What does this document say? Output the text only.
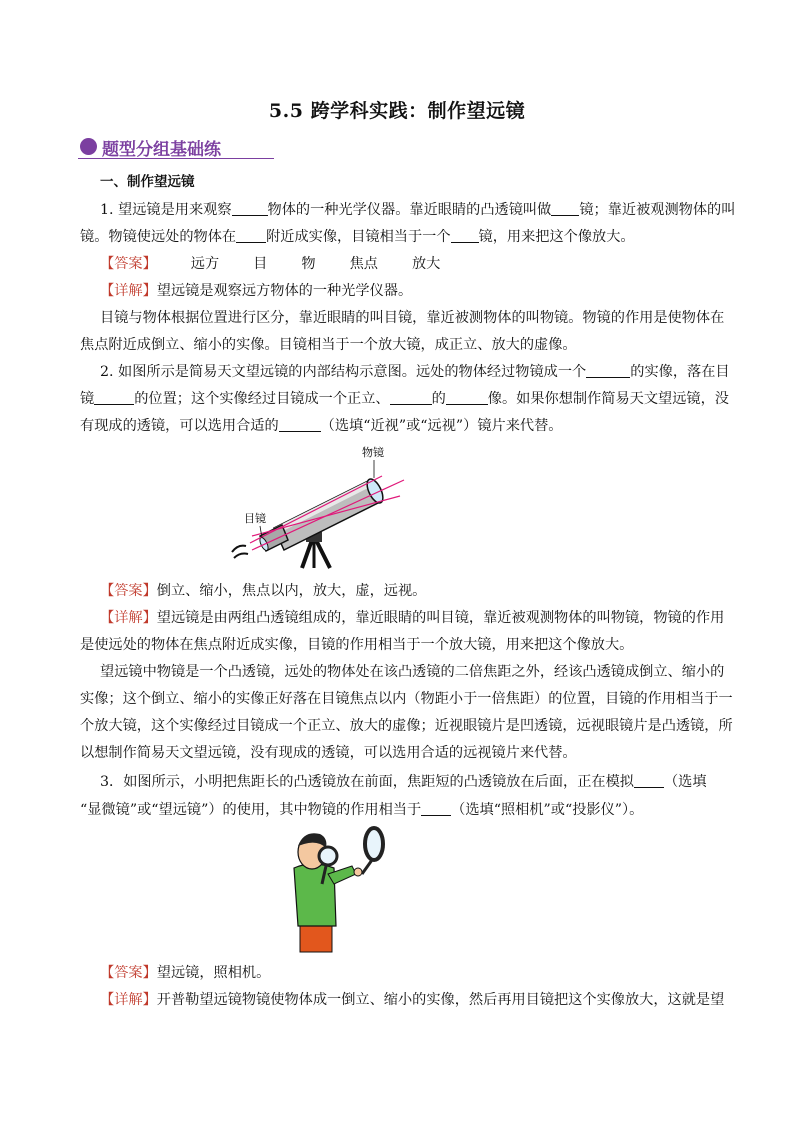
5.5 跨学科实践：制作望远镜
题型分组基础练
一、制作望远镜
1. 望远镜是用来观察	物体的一种光学仪器。靠近眼睛的凸透镜叫做 镜；靠近被观测物体的叫
镜。物镜使远处的物体在 附近成实像，目镜相当于一个 镜，用来把这个像放大。
【答案】 远方 目 物 焦点 放大
【详解】望远镜是观察远方物体的一种光学仪器。
目镜与物体根据位置进行区分，靠近眼睛的叫目镜，靠近被测物体的叫物镜。物镜的作用是使物体在
焦点附近成倒立、缩小的实像。目镜相当于一个放大镜，成正立、放大的虚像。
2. 如图所示是简易天文望远镜的内部结构示意图。远处的物体经过物镜成一个	的实像，落在目
镜	的位置；这个实像经过目镜成一个正立、	的	像。如果你想制作简易天文望远镜，没
有现成的透镜，可以选用合适的	（选填“近视”或“远视”）镜片来代替。
物镜
目镜
【答案】倒立、缩小，焦点以内，放大，虚，远视。
【详解】望远镜是由两组凸透镜组成的，靠近眼睛的叫目镜，靠近被观测物体的叫物镜，物镜的作用
是使远处的物体在焦点附近成实像，目镜的作用相当于一个放大镜，用来把这个像放大。
望远镜中物镜是一个凸透镜，远处的物体处在该凸透镜的二倍焦距之外，经该凸透镜成倒立、缩小的
实像；这个倒立、缩小的实像正好落在目镜焦点以内（物距小于一倍焦距）的位置，目镜的作用相当于一
个放大镜，这个实像经过目镜成一个正立、放大的虚像；近视眼镜片是凹透镜，远视眼镜片是凸透镜，所
以想制作简易天文望远镜，没有现成的透镜，可以选用合适的远视镜片来代替。
3．如图所示，小明把焦距长的凸透镜放在前面，焦距短的凸透镜放在后面，正在模拟 （选填
“显微镜”或“望远镜”）的使用，其中物镜的作用相当于 （选填“照相机”或“投影仪”）。
【答案】望远镜，照相机。
【详解】开普勒望远镜物镜使物体成一倒立、缩小的实像，然后再用目镜把这个实像放大，这就是望
